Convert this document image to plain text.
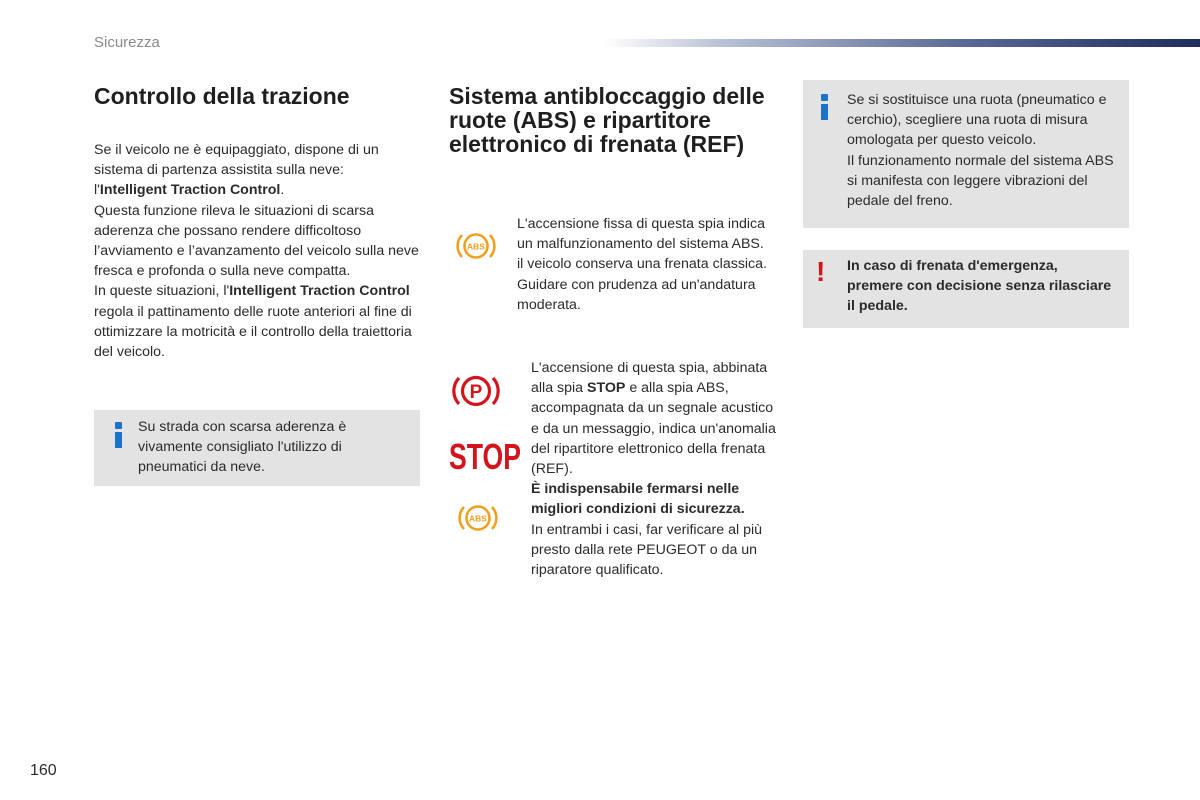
Sicurezza
Controllo della trazione

Se il veicolo ne è equipaggiato, dispone di un sistema di partenza assistita sulla neve: l'Intelligent Traction Control.

Questa funzione rileva le situazioni di scarsa aderenza che possano rendere difficoltoso l’avviamento e l’avanzamento del veicolo sulla neve fresca e profonda o sulla neve compatta.

In queste situazioni, l'Intelligent Traction Control regola il pattinamento delle ruote anteriori al fine di ottimizzare la motricità e il controllo della traiettoria del veicolo.

Su strada con scarsa aderenza è vivamente consigliato l'utilizzo di pneumatici da neve.
Sistema antibloccaggio delle ruote (ABS) e ripartitore elettronico di frenata (REF)
ABS

L'accensione fissa di questa spia indica un malfunzionamento del sistema ABS.

il veicolo conserva una frenata classica. Guidare con prudenza ad un'andatura moderata.

P
STOP
ABS

L'accensione di questa spia, abbinata alla spia STOP e alla spia ABS, accompagnata da un segnale acustico e da un messaggio, indica un'anomalia del ripartitore elettronico della frenata (REF).

È indispensabile fermarsi nelle migliori condizioni di sicurezza.

In entrambi i casi, far verificare al più presto dalla rete PEUGEOT o da un riparatore qualificato.

Se si sostituisce una ruota (pneumatico e cerchio), scegliere una ruota di misura omologata per questo veicolo.

Il funzionamento normale del sistema ABS si manifesta con leggere vibrazioni del pedale del freno.

! In caso di frenata d'emergenza, premere con decisione senza rilasciare il pedale.
160
